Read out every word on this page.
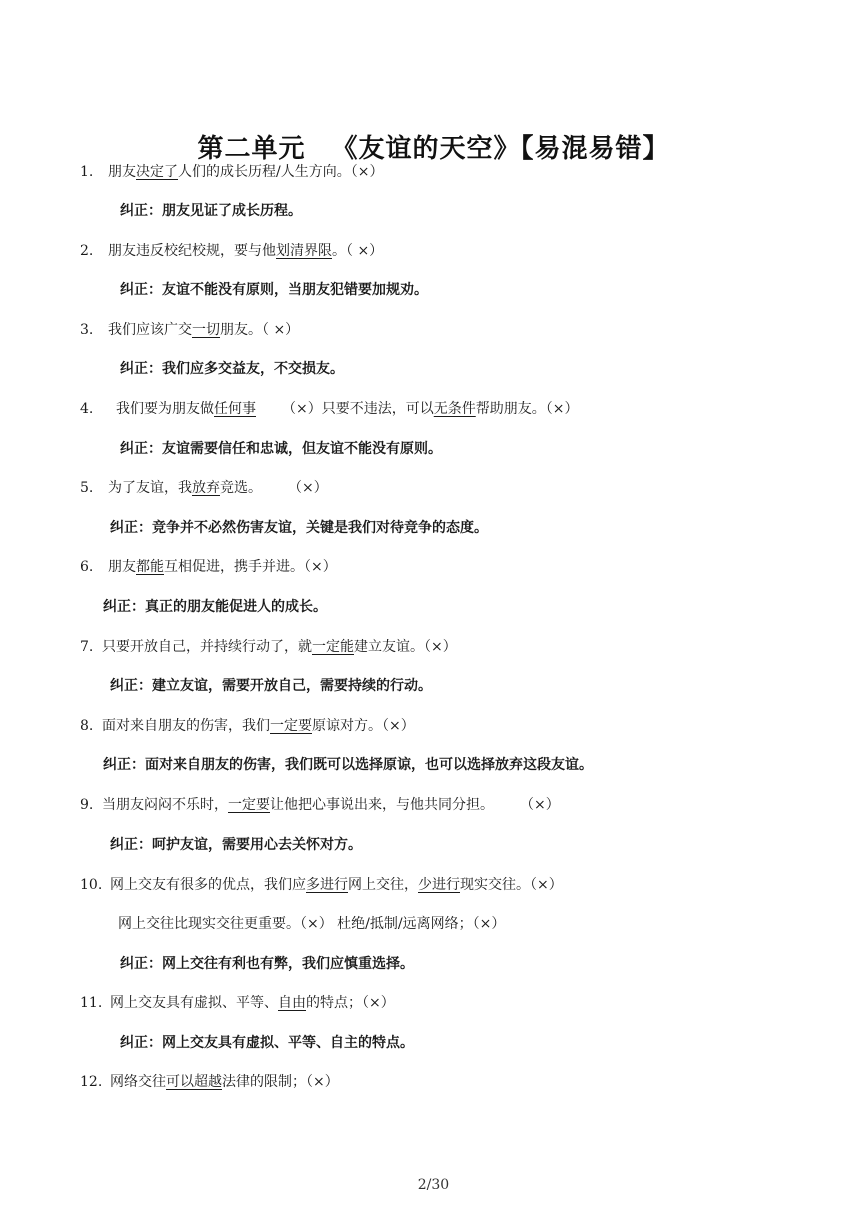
第二单元 《友谊的天空》【易混易错】
1. 朋友决定了人们的成长历程/人生方向。（×）
纠正：朋友见证了成长历程。
2. 朋友违反校纪校规，要与他划清界限。（ ×）
纠正：友谊不能没有原则，当朋友犯错要加规劝。
3. 我们应该广交一切朋友。（ ×）
纠正：我们应多交益友，不交损友。
4. 我们要为朋友做任何事 （×）只要不违法，可以无条件帮助朋友。（×）
纠正：友谊需要信任和忠诚，但友谊不能没有原则。
5. 为了友谊，我放弃竞选。 （×）
纠正：竞争并不必然伤害友谊，关键是我们对待竞争的态度。
6. 朋友都能互相促进，携手并进。（×）
纠正：真正的朋友能促进人的成长。
7. 只要开放自己，并持续行动了，就一定能建立友谊。（×）
纠正：建立友谊，需要开放自己，需要持续的行动。
8. 面对来自朋友的伤害，我们一定要原谅对方。（×）
纠正：面对来自朋友的伤害，我们既可以选择原谅，也可以选择放弃这段友谊。
9. 当朋友闷闷不乐时，一定要让他把心事说出来，与他共同分担。 （×）
纠正：呵护友谊，需要用心去关怀对方。
10. 网上交友有很多的优点，我们应多进行网上交往，少进行现实交往。（×）
网上交往比现实交往更重要。（×） 杜绝/抵制/远离网络；（×）
纠正：网上交往有利也有弊，我们应慎重选择。
11. 网上交友具有虚拟、平等、自由的特点；（×）
纠正：网上交友具有虚拟、平等、自主的特点。
12. 网络交往可以超越法律的限制；（×）
2/30
